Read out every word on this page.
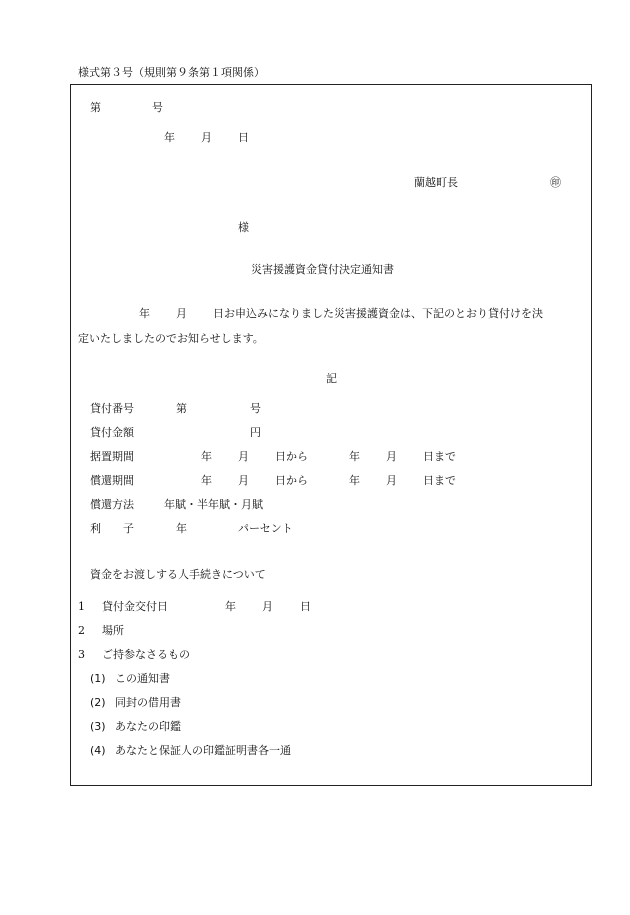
様式第３号（規則第９条第１項関係）
第	号
年 月 日
蘭越町長	㊞
様
災害援護資金貸付決定通知書
年 月 日お申込みになりました災害援護資金は、下記のとおり貸付けを決
定いたしましたのでお知らせします。
記
貸付番号	第	号
貸付金額	円
据置期間	年 月 日から	年 月 日まで
償還期間	年 月 日から	年 月 日まで
償還方法	年賦・半年賦・月賦
利　　子	年	パーセント
資金をお渡しする人手続きについて
1 貸付金交付日	年 月 日
2 場所
3 ご持参なさるもの
(1) この通知書
(2) 同封の借用書
(3) あなたの印鑑
(4) あなたと保証人の印鑑証明書各一通
